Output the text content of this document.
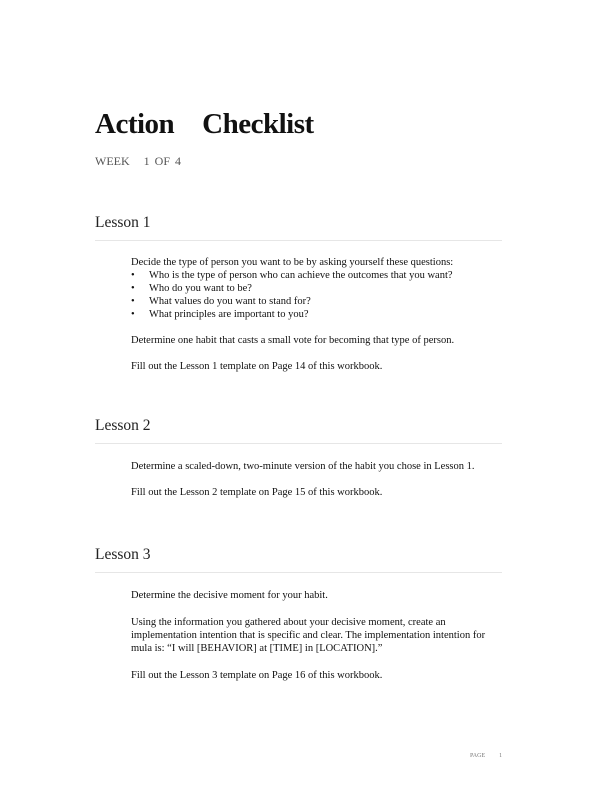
Action Checklist
WEEK 1 OF 4
Lesson 1

Decide the type of person you want to be by asking yourself these questions:

• Who is the type of person who can achieve the outcomes that you want?
• Who do you want to be?
• What values do you want to stand for?
• What principles are important to you?
Determine one habit that casts a small vote for becoming that type of person.
Fill out the Lesson 1 template on Page 14 of this workbook.
Lesson 2
Determine a scaled-down, two-minute version of the habit you chose in Lesson 1.
Fill out the Lesson 2 template on Page 15 of this workbook.
Lesson 3
Determine the decisive moment for your habit.

Using the information you gathered about your decisive moment, create an

implementation intention that is specific and clear. The implementation intention for

mula is: “I will [BEHAVIOR] at [TIME] in [LOCATION].”

Fill out the Lesson 3 template on Page 16 of this workbook.
PAGE 1
